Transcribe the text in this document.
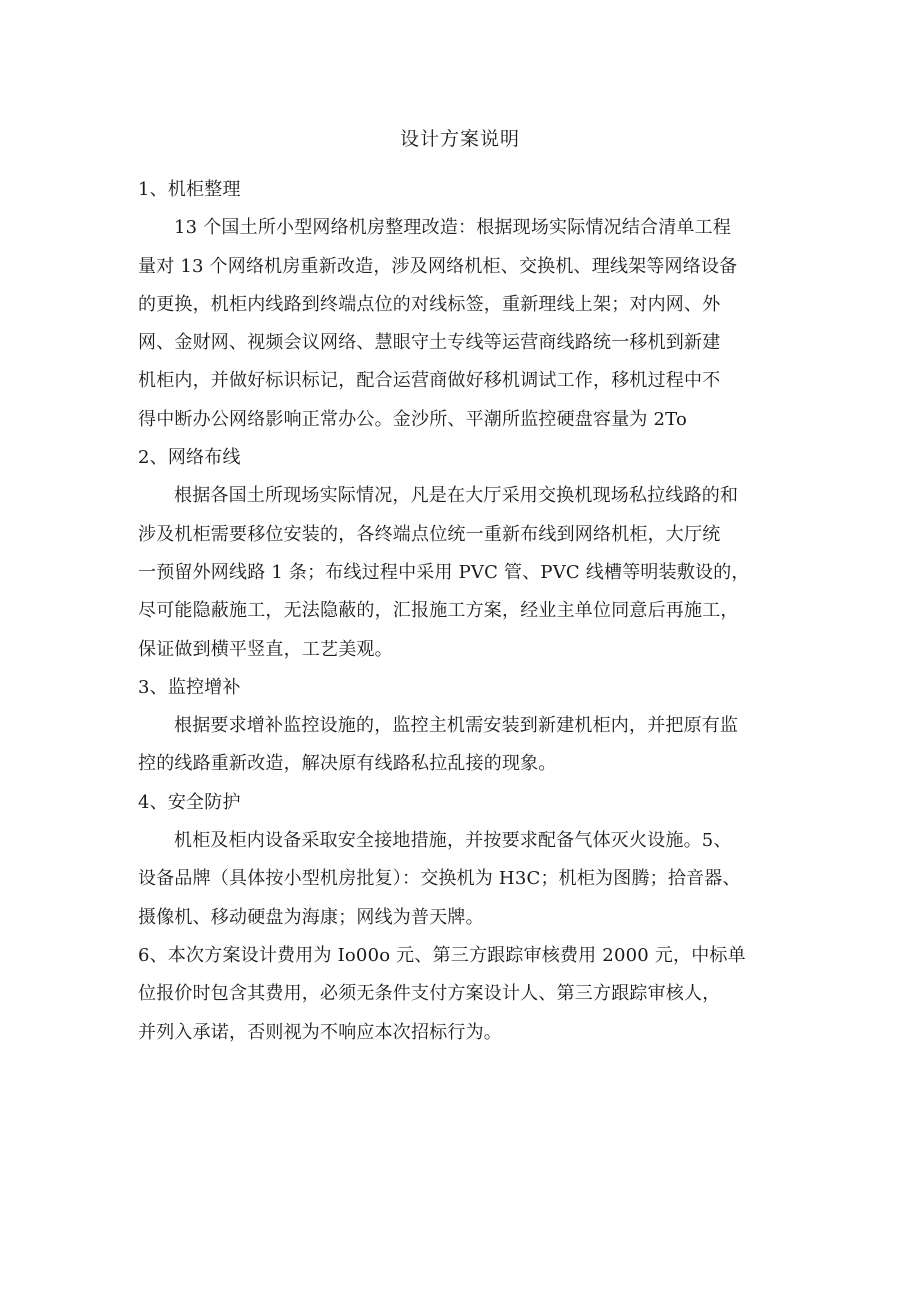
设计方案说明
1、机柜整理
13 个国土所小型网络机房整理改造：根据现场实际情况结合清单工程
量对 13 个网络机房重新改造，涉及网络机柜、交换机、理线架等网络设备
的更换，机柜内线路到终端点位的对线标签，重新理线上架；对内网、外
网、金财网、视频会议网络、慧眼守土专线等运营商线路统一移机到新建
机柜内，并做好标识标记，配合运营商做好移机调试工作，移机过程中不
得中断办公网络影响正常办公。金沙所、平潮所监控硬盘容量为 2To
2、网络布线
根据各国土所现场实际情况，凡是在大厅采用交换机现场私拉线路的和
涉及机柜需要移位安装的，各终端点位统一重新布线到网络机柜，大厅统
一预留外网线路 1 条；布线过程中采用 PVC 管、PVC 线槽等明装敷设的，
尽可能隐蔽施工，无法隐蔽的，汇报施工方案，经业主单位同意后再施工，
保证做到横平竖直，工艺美观。
3、监控增补
根据要求增补监控设施的，监控主机需安装到新建机柜内，并把原有监
控的线路重新改造，解决原有线路私拉乱接的现象。
4、安全防护
机柜及柜内设备采取安全接地措施，并按要求配备气体灭火设施。5、
设备品牌（具体按小型机房批复）：交换机为 H3C；机柜为图腾；拾音器、
摄像机、移动硬盘为海康；网线为普天牌。
6、本次方案设计费用为 Io00o 元、第三方跟踪审核费用 2000 元，中标单
位报价时包含其费用，必须无条件支付方案设计人、第三方跟踪审核人，
并列入承诺，否则视为不响应本次招标行为。
